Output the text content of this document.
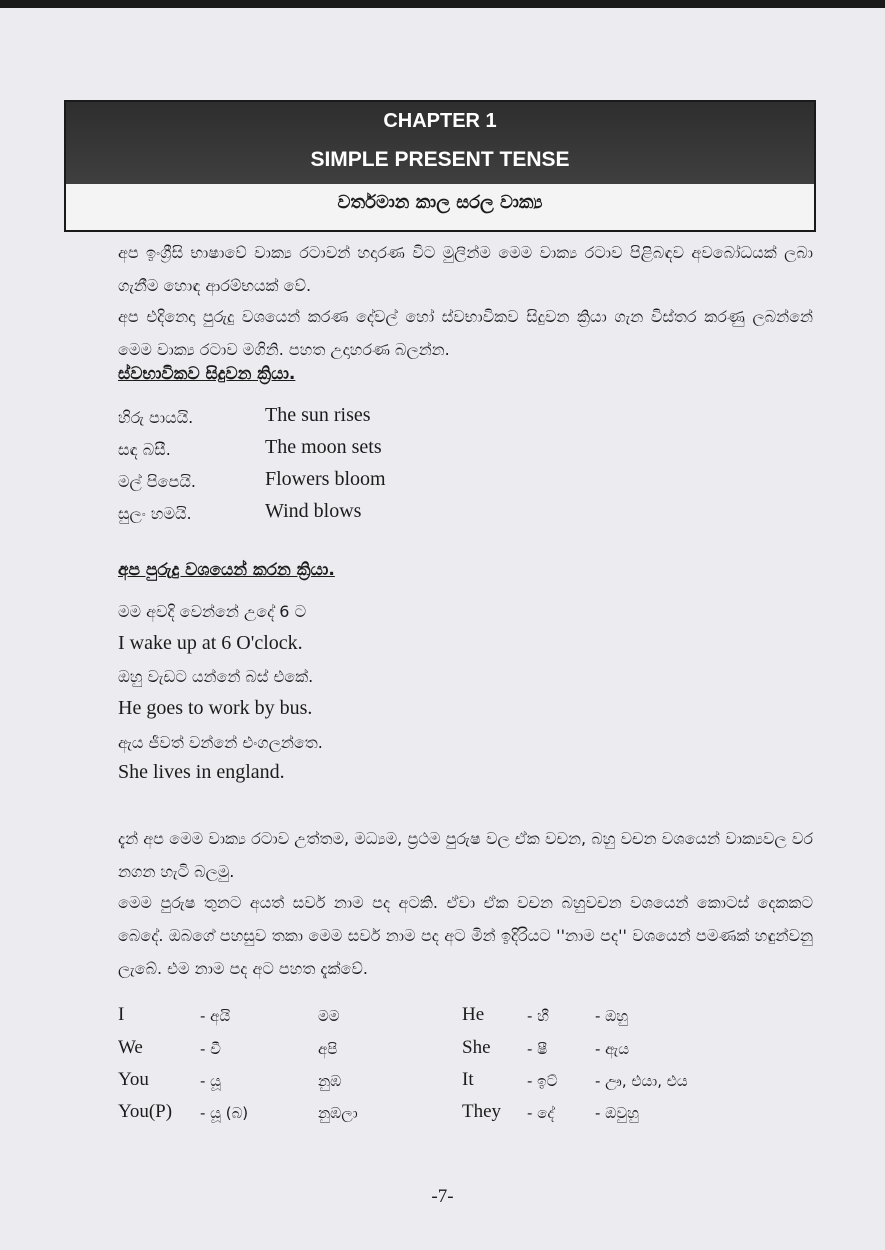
CHAPTER 1
SIMPLE PRESENT TENSE
වර්තමාන කාල සරල වාක්‍ය
අප ඉංග්‍රීසි භාෂාවේ වාක්‍ය රටාවන් හදාරණ විට මුලින්ම මෙම වාක්‍ය රටාව පිළිබඳව අවබෝධයක් ලබා ගැනීම හොඳ ආරම්භයක් වේ.
අප එදිනෙදා පුරුදු වශයෙන් කරණ දේවල් හෝ ස්වභාවිකව සිදුවන ක්‍රියා ගැන විස්තර කරණු ලබන්නේ මෙම වාක්‍ය රටාව මගිනි. පහත උදාහරණ බලන්න.
ස්වභාවිකව සිදුවන ක්‍රියා.
හිරු පායයි.	The sun rises
සඳ බසී.	The moon sets
මල් පිපෙයි.	Flowers bloom
සුලං හමයි.	Wind blows
අප පුරුදු වශයෙන් කරන ක්‍රියා.
මම අවදි වෙන්නේ උදේ 6 ට
I wake up at 6 O'clock.
ඔහු වැඩට යන්නේ බස් එකේ.
He goes to work by bus.
ඇය ජීවත් වන්නේ එංගලන්තෙ.
She lives in england.
දැන් අප මෙම වාක්‍ය රටාව උත්තම, මධ්‍යම, ප්‍රථම පුරුෂ වල ඒක වචන, බහු වචන වශයෙන් වාක්‍යවල වර නගන හැටි බලමු.
මෙම පුරුෂ තුනට අයත් සර්ව නාම පද අටකි. ඒවා ඒක වචන බහුවචන වශයෙන් කොටස් දෙකකට බෙදේ. ඔබගේ පහසුව තකා මෙම සර්ව නාම පද අට මින් ඉදිරියට ''නාම පද'' වශයෙන් පමණක් හඳුන්වනු ලැබේ. එම නාම පද අට පහත දැක්වේ.
I	- අයි	මම
We	- වී	අපි
You	- යූ	නුඹ
You(P) - යූ (බ)	නුඹලා
He	- හී	- ඔහු
She - ෂී	- ඇය
It	- ඉට්	- ඌ, එයා, එය
They - දේ	- ඔවුහු
-7-
